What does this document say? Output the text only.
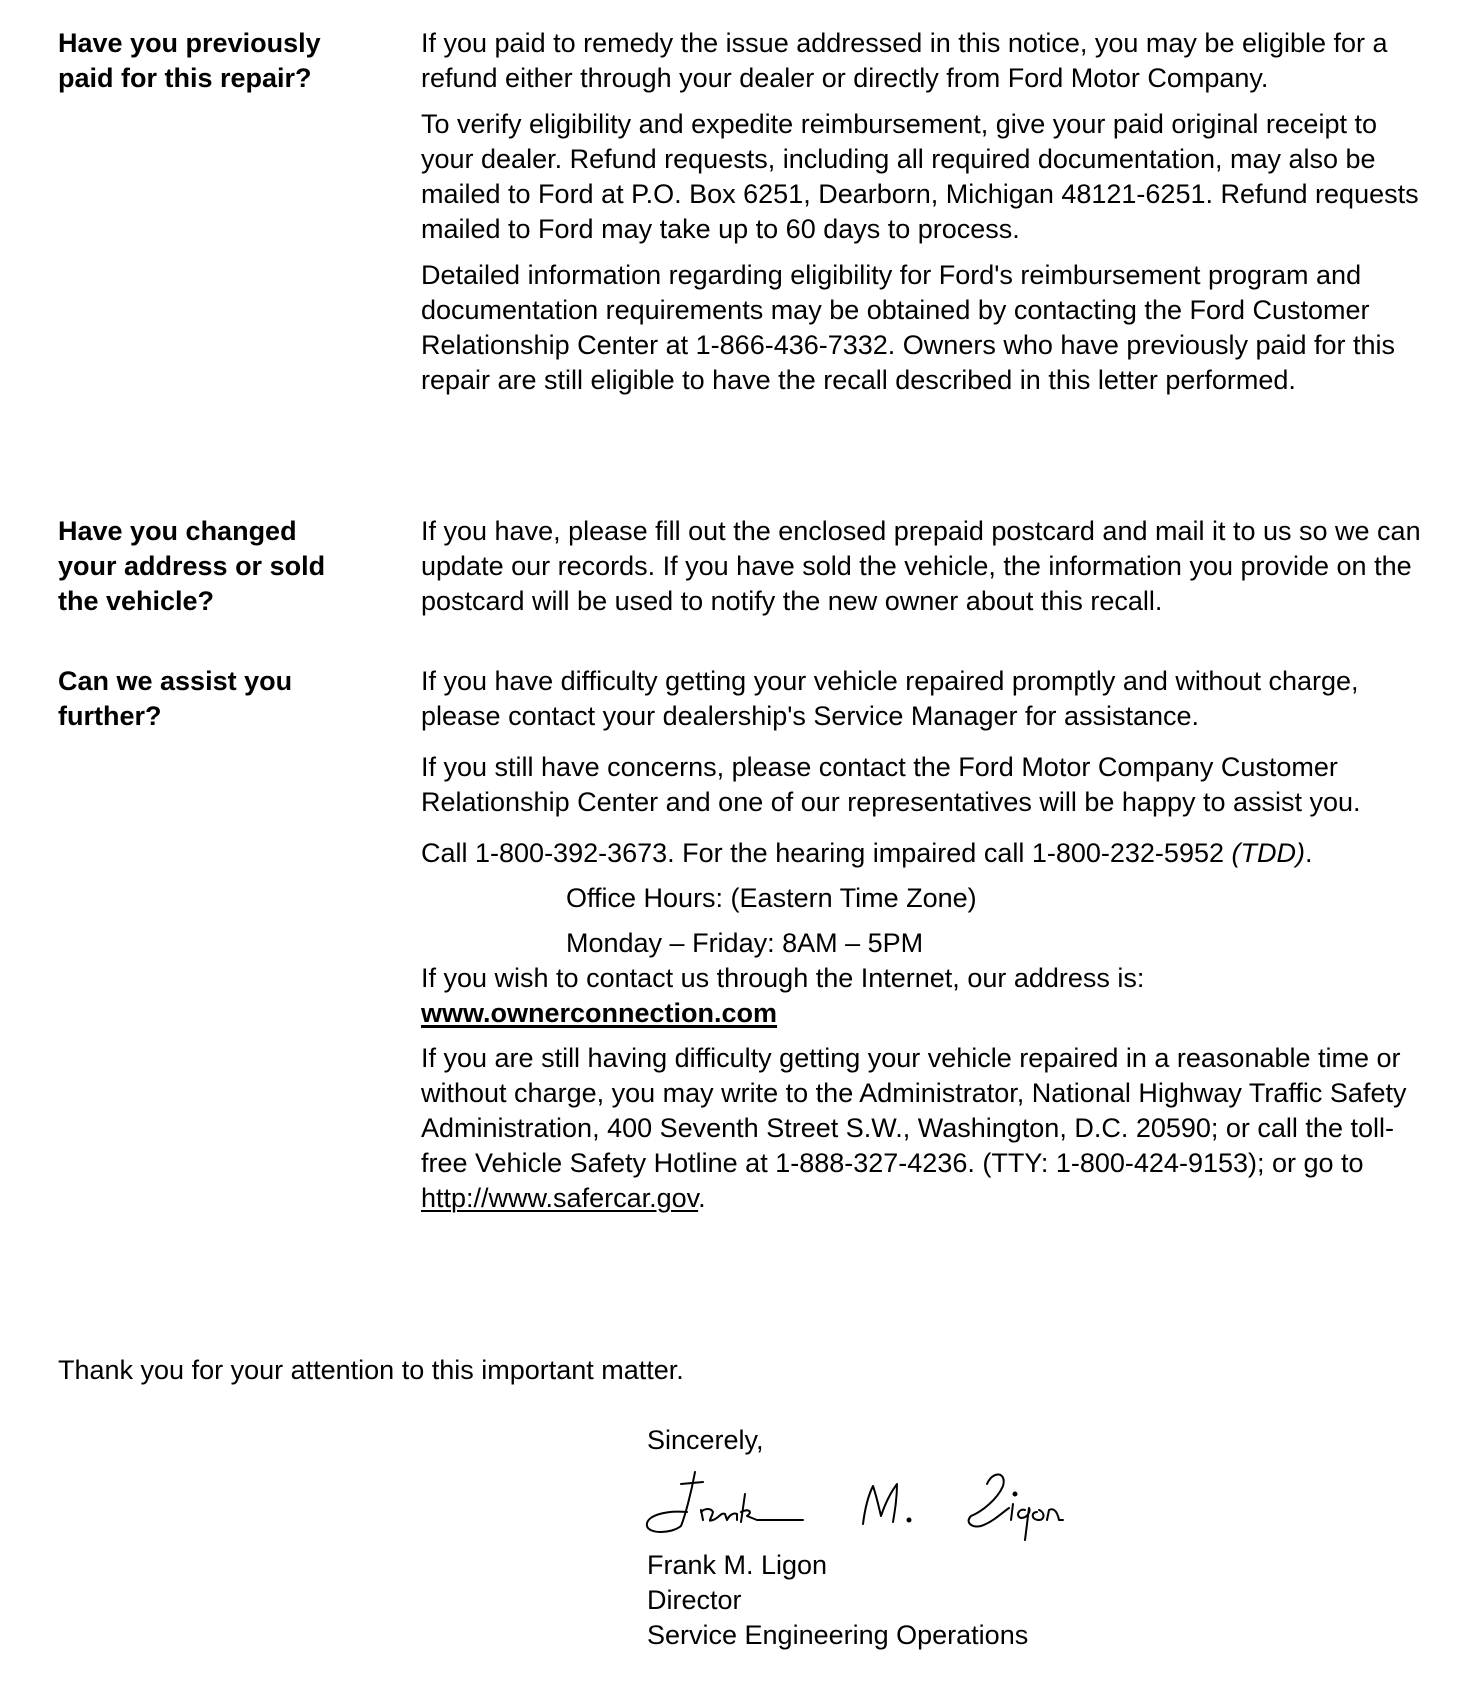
Have you previously
paid for this repair?

If you paid to remedy the issue addressed in this notice, you may be eligible for a refund either through your dealer or directly from Ford Motor Company.

To verify eligibility and expedite reimbursement, give your paid original receipt to your dealer. Refund requests, including all required documentation, may also be mailed to Ford at P.O. Box 6251, Dearborn, Michigan 48121-6251. Refund requests mailed to Ford may take up to 60 days to process.

Detailed information regarding eligibility for Ford's reimbursement program and documentation requirements may be obtained by contacting the Ford Customer Relationship Center at 1-866-436-7332. Owners who have previously paid for this repair are still eligible to have the recall described in this letter performed.

Have you changed
your address or sold
the vehicle?

If you have, please fill out the enclosed prepaid postcard and mail it to us so we can update our records. If you have sold the vehicle, the information you provide on the postcard will be used to notify the new owner about this recall.

Can we assist you
further?

If you have difficulty getting your vehicle repaired promptly and without charge, please contact your dealership's Service Manager for assistance.

If you still have concerns, please contact the Ford Motor Company Customer Relationship Center and one of our representatives will be happy to assist you.

Call 1-800-392-3673. For the hearing impaired call 1-800-232-5952 (TDD).

Office Hours: (Eastern Time Zone)
Monday – Friday: 8AM – 5PM
If you wish to contact us through the Internet, our address is:
www.ownerconnection.com

If you are still having difficulty getting your vehicle repaired in a reasonable time or without charge, you may write to the Administrator, National Highway Traffic Safety Administration, 400 Seventh Street S.W., Washington, D.C. 20590; or call the toll-free Vehicle Safety Hotline at 1-888-327-4236. (TTY: 1-800-424-9153); or go to http://www.safercar.gov.

Thank you for your attention to this important matter.
Sincerely,
Frank M. Ligon
Director
Service Engineering Operations
